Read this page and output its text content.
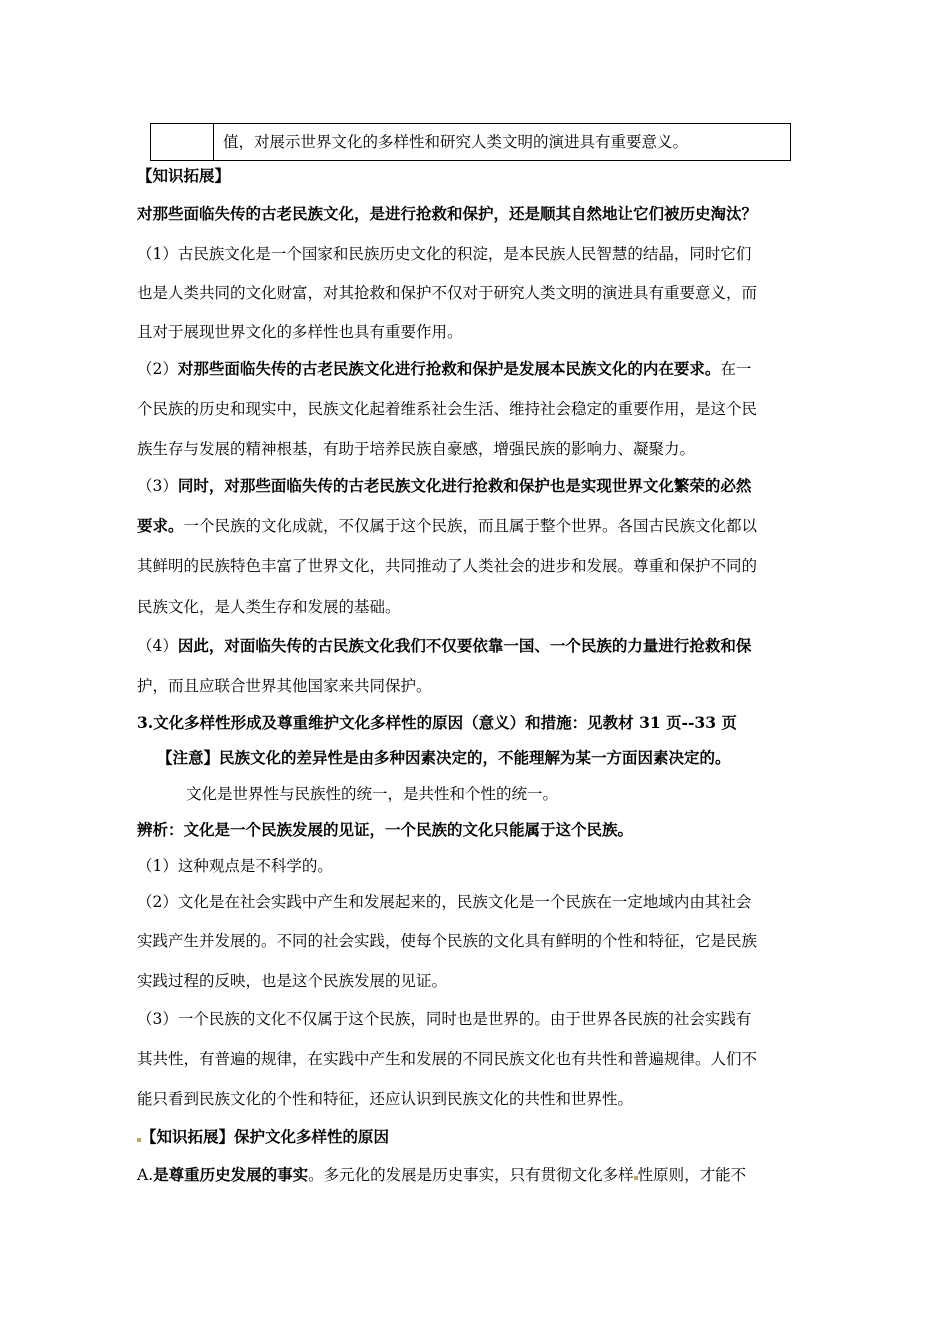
值，对展示世界文化的多样性和研究人类文明的演进具有重要意义。
【知识拓展】
对那些面临失传的古老民族文化，是进行抢救和保护，还是顺其自然地让它们被历史淘汰？
（1）古民族文化是一个国家和民族历史文化的积淀，是本民族人民智慧的结晶，同时它们
也是人类共同的文化财富，对其抢救和保护不仅对于研究人类文明的演进具有重要意义，而
且对于展现世界文化的多样性也具有重要作用。
（2）对那些面临失传的古老民族文化进行抢救和保护是发展本民族文化的内在要求。在一
个民族的历史和现实中，民族文化起着维系社会生活、维持社会稳定的重要作用，是这个民
族生存与发展的精神根基，有助于培养民族自豪感，增强民族的影响力、凝聚力。
（3）同时，对那些面临失传的古老民族文化进行抢救和保护也是实现世界文化繁荣的必然
要求。一个民族的文化成就，不仅属于这个民族，而且属于整个世界。各国古民族文化都以
其鲜明的民族特色丰富了世界文化，共同推动了人类社会的进步和发展。尊重和保护不同的
民族文化，是人类生存和发展的基础。
（4）因此，对面临失传的古民族文化我们不仅要依靠一国、一个民族的力量进行抢救和保
护，而且应联合世界其他国家来共同保护。
3.文化多样性形成及尊重维护文化多样性的原因（意义）和措施：见教材 31 页--33 页
【注意】民族文化的差异性是由多种因素决定的，不能理解为某一方面因素决定的。
文化是世界性与民族性的统一，是共性和个性的统一。
辨析：文化是一个民族发展的见证，一个民族的文化只能属于这个民族。
（1）这种观点是不科学的。
（2）文化是在社会实践中产生和发展起来的，民族文化是一个民族在一定地域内由其社会
实践产生并发展的。不同的社会实践，使每个民族的文化具有鲜明的个性和特征，它是民族
实践过程的反映，也是这个民族发展的见证。
（3）一个民族的文化不仅属于这个民族，同时也是世界的。由于世界各民族的社会实践有
其共性，有普遍的规律，在实践中产生和发展的不同民族文化也有共性和普遍规律。人们不
能只看到民族文化的个性和特征，还应认识到民族文化的共性和世界性。
【知识拓展】保护文化多样性的原因
A.是尊重历史发展的事实。多元化的发展是历史事实，只有贯彻文化多样 性原则，才能不
